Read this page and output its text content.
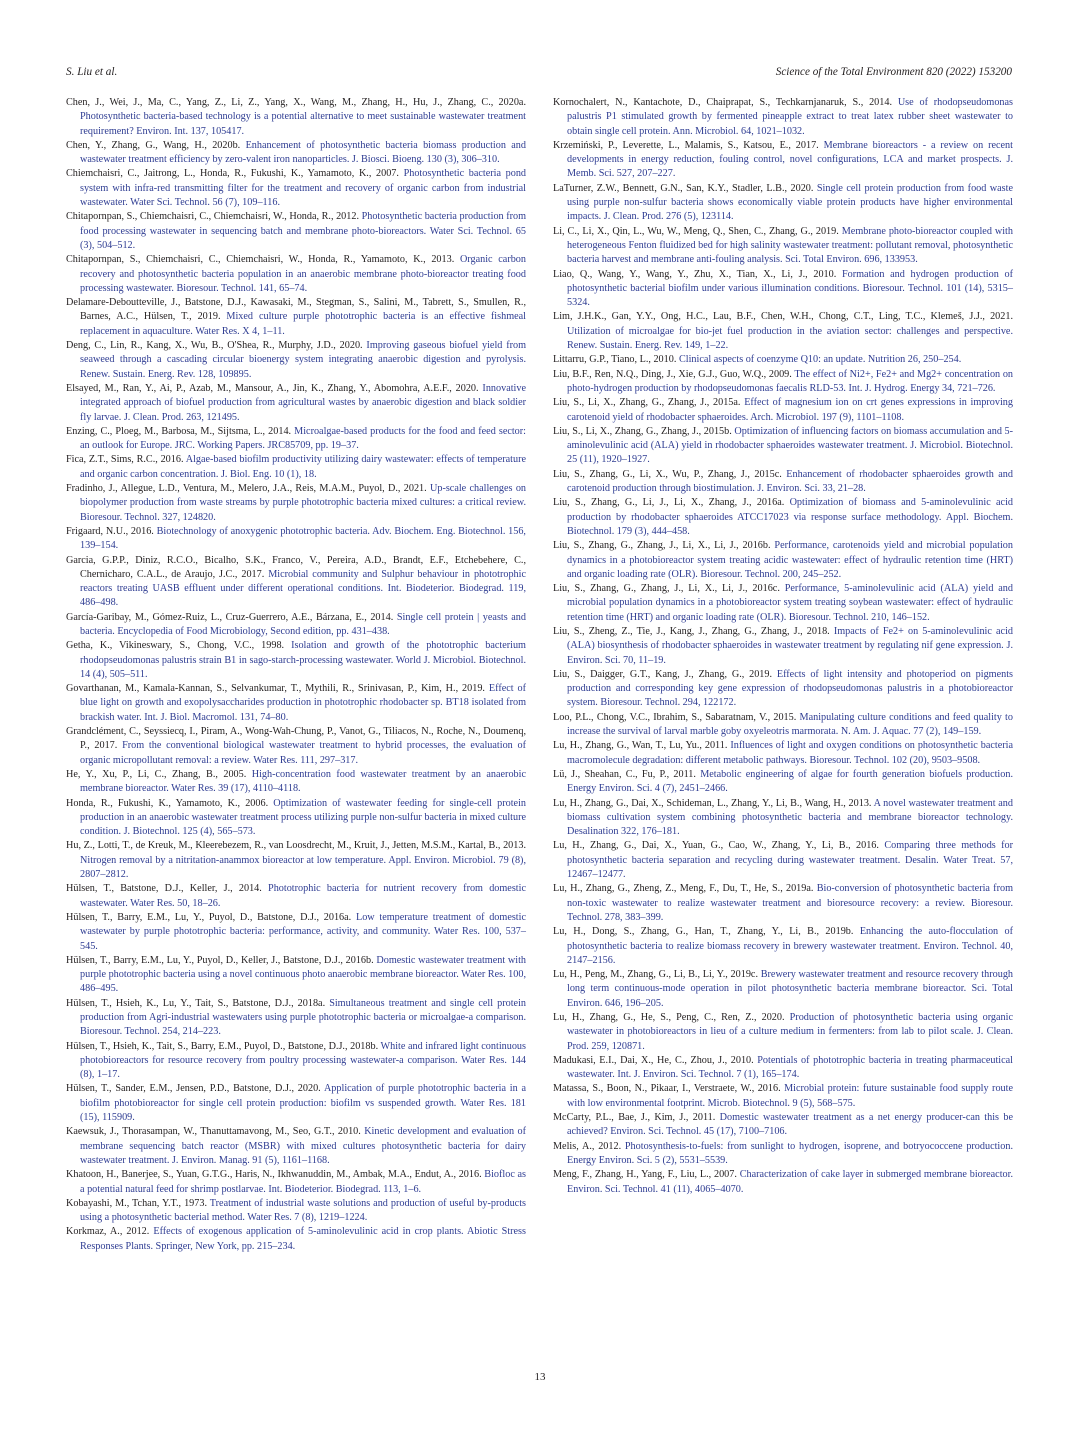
S. Liu et al.	Science of the Total Environment 820 (2022) 153200

Chen, J., Wei, J., Ma, C., Yang, Z., Li, Z., Yang, X., Wang, M., Zhang, H., Hu, J., Zhang, C., 2020a. Photosynthetic bacteria-based technology is a potential alternative to meet sustainable wastewater treatment requirement? Environ. Int. 137, 105417.

Chen, Y., Zhang, G., Wang, H., 2020b. Enhancement of photosynthetic bacteria biomass production and wastewater treatment efficiency by zero-valent iron nanoparticles. J. Biosci. Bioeng. 130 (3), 306–310.

Chiemchaisri, C., Jaitrong, L., Honda, R., Fukushi, K., Yamamoto, K., 2007. Photosynthetic bacteria pond system with infra-red transmitting filter for the treatment and recovery of organic carbon from industrial wastewater. Water Sci. Technol. 56 (7), 109–116.

Chitapornpan, S., Chiemchaisri, C., Chiemchaisri, W., Honda, R., 2012. Photosynthetic bacteria production from food processing wastewater in sequencing batch and membrane photo-bioreactors. Water Sci. Technol. 65 (3), 504–512.

Chitapornpan, S., Chiemchaisri, C., Chiemchaisri, W., Honda, R., Yamamoto, K., 2013. Organic carbon recovery and photosynthetic bacteria population in an anaerobic membrane photo-bioreactor treating food processing wastewater. Bioresour. Technol. 141, 65–74.

Delamare-Deboutteville, J., Batstone, D.J., Kawasaki, M., Stegman, S., Salini, M., Tabrett, S., Smullen, R., Barnes, A.C., Hülsen, T., 2019. Mixed culture purple phototrophic bacteria is an effective fishmeal replacement in aquaculture. Water Res. X 4, 1–11.

Deng, C., Lin, R., Kang, X., Wu, B., O'Shea, R., Murphy, J.D., 2020. Improving gaseous biofuel yield from seaweed through a cascading circular bioenergy system integrating anaerobic digestion and pyrolysis. Renew. Sustain. Energ. Rev. 128, 109895.

Elsayed, M., Ran, Y., Ai, P., Azab, M., Mansour, A., Jin, K., Zhang, Y., Abomohra, A.E.F., 2020. Innovative integrated approach of biofuel production from agricultural wastes by anaerobic digestion and black soldier fly larvae. J. Clean. Prod. 263, 121495.

Enzing, C., Ploeg, M., Barbosa, M., Sijtsma, L., 2014. Microalgae-based products for the food and feed sector: an outlook for Europe. JRC. Working Papers. JRC85709, pp. 19–37.

Fica, Z.T., Sims, R.C., 2016. Algae-based biofilm productivity utilizing dairy wastewater: effects of temperature and organic carbon concentration. J. Biol. Eng. 10 (1), 18.

Fradinho, J., Allegue, L.D., Ventura, M., Melero, J.A., Reis, M.A.M., Puyol, D., 2021. Up-scale challenges on biopolymer production from waste streams by purple phototrophic bacteria mixed cultures: a critical review. Bioresour. Technol. 327, 124820.

Frigaard, N.U., 2016. Biotechnology of anoxygenic phototrophic bacteria. Adv. Biochem. Eng. Biotechnol. 156, 139–154.

Garcia, G.P.P., Diniz, R.C.O., Bicalho, S.K., Franco, V., Pereira, A.D., Brandt, E.F., Etchebehere, C., Chernicharo, C.A.L., de Araujo, J.C., 2017. Microbial community and Sulphur behaviour in phototrophic reactors treating UASB effluent under different operational conditions. Int. Biodeterior. Biodegrad. 119, 486–498.

García-Garibay, M., Gómez-Ruiz, L., Cruz-Guerrero, A.E., Bárzana, E., 2014. Single cell protein | yeasts and bacteria. Encyclopedia of Food Microbiology, Second edition, pp. 431–438.

Getha, K., Vikineswary, S., Chong, V.C., 1998. Isolation and growth of the phototrophic bacterium rhodopseudomonas palustris strain B1 in sago-starch-processing wastewater. World J. Microbiol. Biotechnol. 14 (4), 505–511.

Govarthanan, M., Kamala-Kannan, S., Selvankumar, T., Mythili, R., Srinivasan, P., Kim, H., 2019. Effect of blue light on growth and exopolysaccharides production in phototrophic rhodobacter sp. BT18 isolated from brackish water. Int. J. Biol. Macromol. 131, 74–80.

Grandclément, C., Seyssiecq, I., Piram, A., Wong-Wah-Chung, P., Vanot, G., Tiliacos, N., Roche, N., Doumenq, P., 2017. From the conventional biological wastewater treatment to hybrid processes, the evaluation of organic micropollutant removal: a review. Water Res. 111, 297–317.

He, Y., Xu, P., Li, C., Zhang, B., 2005. High-concentration food wastewater treatment by an anaerobic membrane bioreactor. Water Res. 39 (17), 4110–4118.

Honda, R., Fukushi, K., Yamamoto, K., 2006. Optimization of wastewater feeding for single-cell protein production in an anaerobic wastewater treatment process utilizing purple non-sulfur bacteria in mixed culture condition. J. Biotechnol. 125 (4), 565–573.

Hu, Z., Lotti, T., de Kreuk, M., Kleerebezem, R., van Loosdrecht, M., Kruit, J., Jetten, M.S.M., Kartal, B., 2013. Nitrogen removal by a nitritation-anammox bioreactor at low temperature. Appl. Environ. Microbiol. 79 (8), 2807–2812.

Hülsen, T., Batstone, D.J., Keller, J., 2014. Phototrophic bacteria for nutrient recovery from domestic wastewater. Water Res. 50, 18–26.

Hülsen, T., Barry, E.M., Lu, Y., Puyol, D., Batstone, D.J., 2016a. Low temperature treatment of domestic wastewater by purple phototrophic bacteria: performance, activity, and community. Water Res. 100, 537–545.

Hülsen, T., Barry, E.M., Lu, Y., Puyol, D., Keller, J., Batstone, D.J., 2016b. Domestic wastewater treatment with purple phototrophic bacteria using a novel continuous photo anaerobic membrane bioreactor. Water Res. 100, 486–495.

Hülsen, T., Hsieh, K., Lu, Y., Tait, S., Batstone, D.J., 2018a. Simultaneous treatment and single cell protein production from Agri-industrial wastewaters using purple phototrophic bacteria or microalgae-a comparison. Bioresour. Technol. 254, 214–223.

Hülsen, T., Hsieh, K., Tait, S., Barry, E.M., Puyol, D., Batstone, D.J., 2018b. White and infrared light continuous photobioreactors for resource recovery from poultry processing wastewater-a comparison. Water Res. 144 (8), 1–17.

Hülsen, T., Sander, E.M., Jensen, P.D., Batstone, D.J., 2020. Application of purple phototrophic bacteria in a biofilm photobioreactor for single cell protein production: biofilm vs suspended growth. Water Res. 181 (15), 115909.

Kaewsuk, J., Thorasampan, W., Thanuttamavong, M., Seo, G.T., 2010. Kinetic development and evaluation of membrane sequencing batch reactor (MSBR) with mixed cultures photosynthetic bacteria for dairy wastewater treatment. J. Environ. Manag. 91 (5), 1161–1168.

Khatoon, H., Banerjee, S., Yuan, G.T.G., Haris, N., Ikhwanuddin, M., Ambak, M.A., Endut, A., 2016. Biofloc as a potential natural feed for shrimp postlarvae. Int. Biodeterior. Biodegrad. 113, 1–6.

Kobayashi, M., Tchan, Y.T., 1973. Treatment of industrial waste solutions and production of useful by-products using a photosynthetic bacterial method. Water Res. 7 (8), 1219–1224.

Korkmaz, A., 2012. Effects of exogenous application of 5-aminolevulinic acid in crop plants. Abiotic Stress Responses Plants. Springer, New York, pp. 215–234.

Kornochalert, N., Kantachote, D., Chaiprapat, S., Techkarnjanaruk, S., 2014. Use of rhodopseudomonas palustris P1 stimulated growth by fermented pineapple extract to treat latex rubber sheet wastewater to obtain single cell protein. Ann. Microbiol. 64, 1021–1032.

Krzemiński, P., Leverette, L., Malamis, S., Katsou, E., 2017. Membrane bioreactors - a review on recent developments in energy reduction, fouling control, novel configurations, LCA and market prospects. J. Memb. Sci. 527, 207–227.

LaTurner, Z.W., Bennett, G.N., San, K.Y., Stadler, L.B., 2020. Single cell protein production from food waste using purple non-sulfur bacteria shows economically viable protein products have higher environmental impacts. J. Clean. Prod. 276 (5), 123114.

Li, C., Li, X., Qin, L., Wu, W., Meng, Q., Shen, C., Zhang, G., 2019. Membrane photo-bioreactor coupled with heterogeneous Fenton fluidized bed for high salinity wastewater treatment: pollutant removal, photosynthetic bacteria harvest and membrane anti-fouling analysis. Sci. Total Environ. 696, 133953.

Liao, Q., Wang, Y., Wang, Y., Zhu, X., Tian, X., Li, J., 2010. Formation and hydrogen production of photosynthetic bacterial biofilm under various illumination conditions. Bioresour. Technol. 101 (14), 5315–5324.

Lim, J.H.K., Gan, Y.Y., Ong, H.C., Lau, B.F., Chen, W.H., Chong, C.T., Ling, T.C., Klemeš, J.J., 2021. Utilization of microalgae for bio-jet fuel production in the aviation sector: challenges and perspective. Renew. Sustain. Energ. Rev. 149, 1–22.

Littarru, G.P., Tiano, L., 2010. Clinical aspects of coenzyme Q10: an update. Nutrition 26, 250–254.

Liu, B.F., Ren, N.Q., Ding, J., Xie, G.J., Guo, W.Q., 2009. The effect of Ni2+, Fe2+ and Mg2+ concentration on photo-hydrogen production by rhodopseudomonas faecalis RLD-53. Int. J. Hydrog. Energy 34, 721–726.

Liu, S., Li, X., Zhang, G., Zhang, J., 2015a. Effect of magnesium ion on crt genes expressions in improving carotenoid yield of rhodobacter sphaeroides. Arch. Microbiol. 197 (9), 1101–1108.

Liu, S., Li, X., Zhang, G., Zhang, J., 2015b. Optimization of influencing factors on biomass accumulation and 5-aminolevulinic acid (ALA) yield in rhodobacter sphaeroides wastewater treatment. J. Microbiol. Biotechnol. 25 (11), 1920–1927.

Liu, S., Zhang, G., Li, X., Wu, P., Zhang, J., 2015c. Enhancement of rhodobacter sphaeroides growth and carotenoid production through biostimulation. J. Environ. Sci. 33, 21–28.

Liu, S., Zhang, G., Li, J., Li, X., Zhang, J., 2016a. Optimization of biomass and 5-aminolevulinic acid production by rhodobacter sphaeroides ATCC17023 via response surface methodology. Appl. Biochem. Biotechnol. 179 (3), 444–458.

Liu, S., Zhang, G., Zhang, J., Li, X., Li, J., 2016b. Performance, carotenoids yield and microbial population dynamics in a photobioreactor system treating acidic wastewater: effect of hydraulic retention time (HRT) and organic loading rate (OLR). Bioresour. Technol. 200, 245–252.

Liu, S., Zhang, G., Zhang, J., Li, X., Li, J., 2016c. Performance, 5-aminolevulinic acid (ALA) yield and microbial population dynamics in a photobioreactor system treating soybean wastewater: effect of hydraulic retention time (HRT) and organic loading rate (OLR). Bioresour. Technol. 210, 146–152.

Liu, S., Zheng, Z., Tie, J., Kang, J., Zhang, G., Zhang, J., 2018. Impacts of Fe2+ on 5-aminolevulinic acid (ALA) biosynthesis of rhodobacter sphaeroides in wastewater treatment by regulating nif gene expression. J. Environ. Sci. 70, 11–19.

Liu, S., Daigger, G.T., Kang, J., Zhang, G., 2019. Effects of light intensity and photoperiod on pigments production and corresponding key gene expression of rhodopseudomonas palustris in a photobioreactor system. Bioresour. Technol. 294, 122172.

Loo, P.L., Chong, V.C., Ibrahim, S., Sabaratnam, V., 2015. Manipulating culture conditions and feed quality to increase the survival of larval marble goby oxyeleotris marmorata. N. Am. J. Aquac. 77 (2), 149–159.

Lu, H., Zhang, G., Wan, T., Lu, Yu., 2011. Influences of light and oxygen conditions on photosynthetic bacteria macromolecule degradation: different metabolic pathways. Bioresour. Technol. 102 (20), 9503–9508.

Lü, J., Sheahan, C., Fu, P., 2011. Metabolic engineering of algae for fourth generation biofuels production. Energy Environ. Sci. 4 (7), 2451–2466.

Lu, H., Zhang, G., Dai, X., Schideman, L., Zhang, Y., Li, B., Wang, H., 2013. A novel wastewater treatment and biomass cultivation system combining photosynthetic bacteria and membrane bioreactor technology. Desalination 322, 176–181.

Lu, H., Zhang, G., Dai, X., Yuan, G., Cao, W., Zhang, Y., Li, B., 2016. Comparing three methods for photosynthetic bacteria separation and recycling during wastewater treatment. Desalin. Water Treat. 57, 12467–12477.

Lu, H., Zhang, G., Zheng, Z., Meng, F., Du, T., He, S., 2019a. Bio-conversion of photosynthetic bacteria from non-toxic wastewater to realize wastewater treatment and bioresource recovery: a review. Bioresour. Technol. 278, 383–399.

Lu, H., Dong, S., Zhang, G., Han, T., Zhang, Y., Li, B., 2019b. Enhancing the auto-flocculation of photosynthetic bacteria to realize biomass recovery in brewery wastewater treatment. Environ. Technol. 40, 2147–2156.

Lu, H., Peng, M., Zhang, G., Li, B., Li, Y., 2019c. Brewery wastewater treatment and resource recovery through long term continuous-mode operation in pilot photosynthetic bacteria membrane bioreactor. Sci. Total Environ. 646, 196–205.

Lu, H., Zhang, G., He, S., Peng, C., Ren, Z., 2020. Production of photosynthetic bacteria using organic wastewater in photobioreactors in lieu of a culture medium in fermenters: from lab to pilot scale. J. Clean. Prod. 259, 120871.

Madukasi, E.I., Dai, X., He, C., Zhou, J., 2010. Potentials of phototrophic bacteria in treating pharmaceutical wastewater. Int. J. Environ. Sci. Technol. 7 (1), 165–174.

Matassa, S., Boon, N., Pikaar, I., Verstraete, W., 2016. Microbial protein: future sustainable food supply route with low environmental footprint. Microb. Biotechnol. 9 (5), 568–575.

McCarty, P.L., Bae, J., Kim, J., 2011. Domestic wastewater treatment as a net energy producer-can this be achieved? Environ. Sci. Technol. 45 (17), 7100–7106.

Melis, A., 2012. Photosynthesis-to-fuels: from sunlight to hydrogen, isoprene, and botryococcene production. Energy Environ. Sci. 5 (2), 5531–5539.

Meng, F., Zhang, H., Yang, F., Liu, L., 2007. Characterization of cake layer in submerged membrane bioreactor. Environ. Sci. Technol. 41 (11), 4065–4070.

13
